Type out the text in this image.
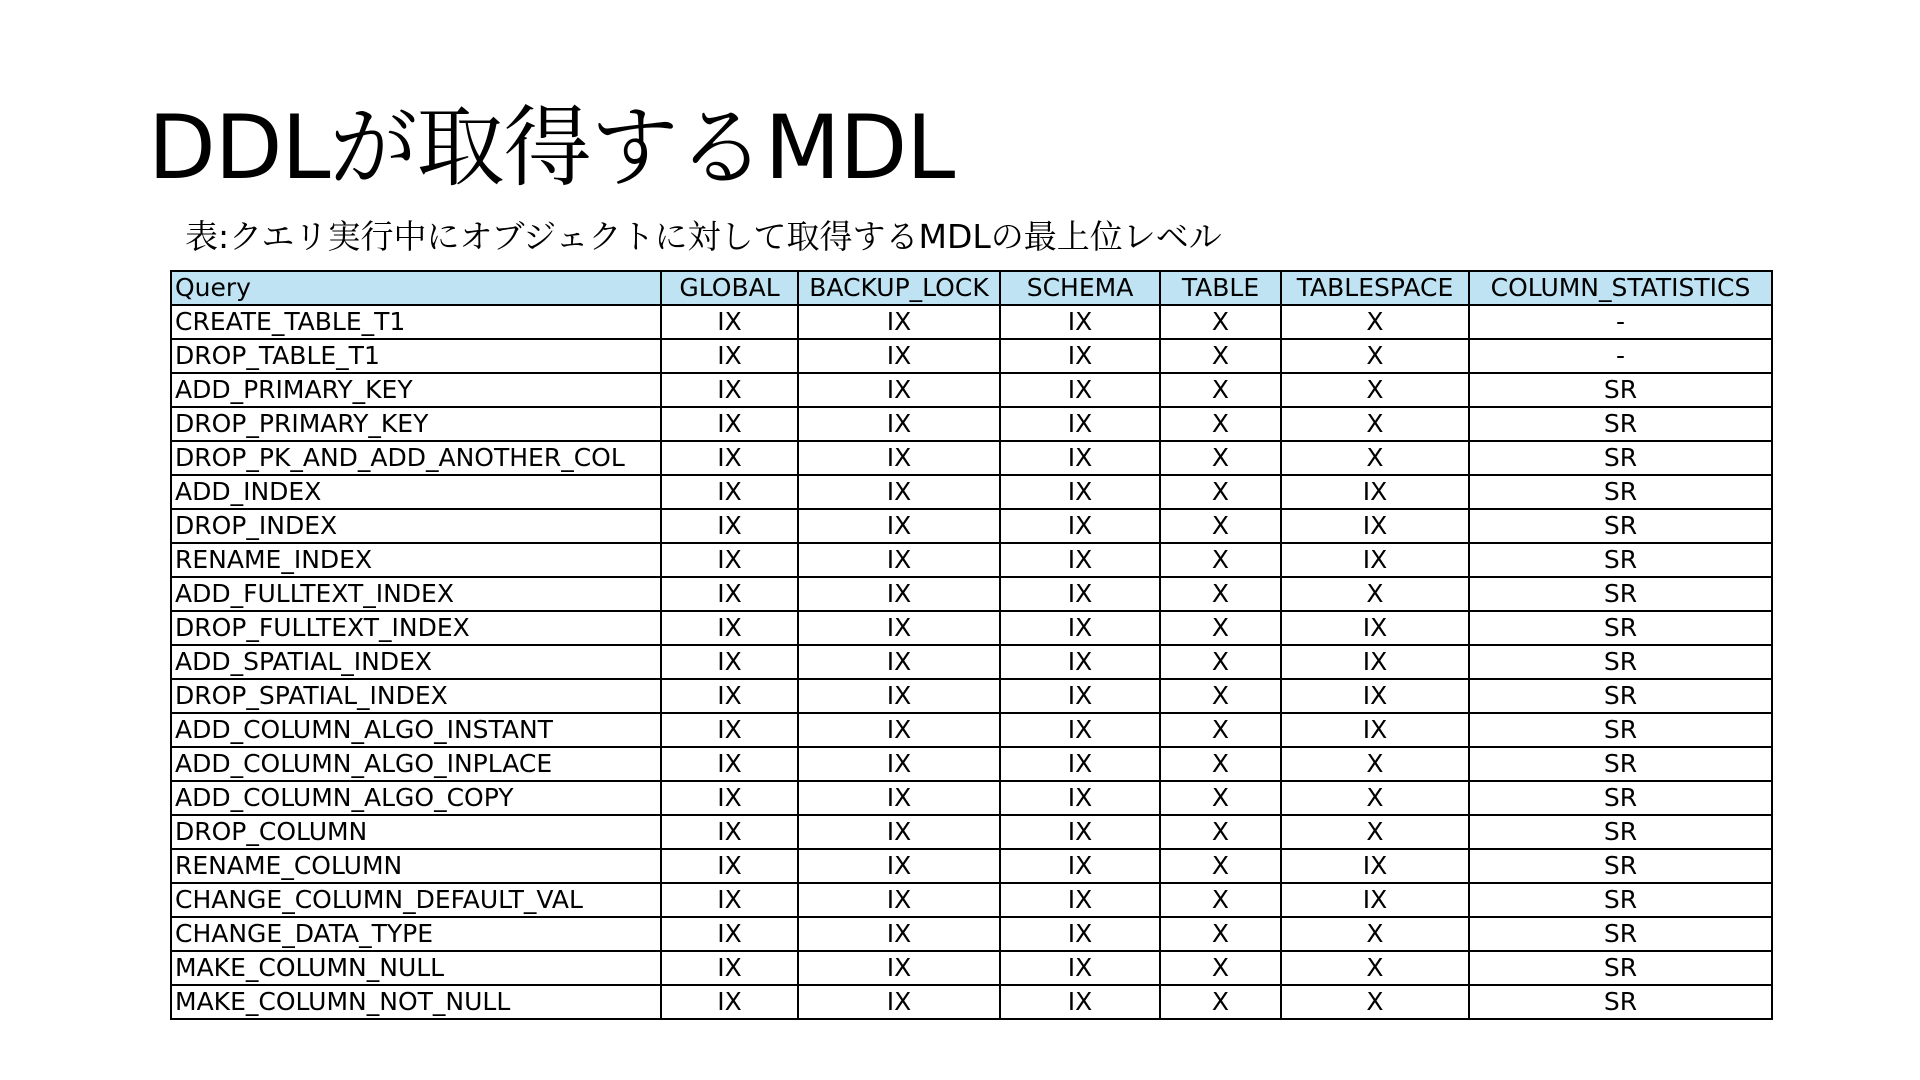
DDLが取得するMDL

表:クエリ実行中にオブジェクトに対して取得するMDLの最上位レベル

Query	GLOBAL	BACKUP_LOCK	SCHEMA	TABLE	TABLESPACE	COLUMN_STATISTICS
CREATE_TABLE_T1	IX	IX	IX	X	X	-
DROP_TABLE_T1	IX	IX	IX	X	X	-
ADD_PRIMARY_KEY	IX	IX	IX	X	X	SR
DROP_PRIMARY_KEY	IX	IX	IX	X	X	SR
DROP_PK_AND_ADD_ANOTHER_COL	IX	IX	IX	X	X	SR
ADD_INDEX	IX	IX	IX	X	IX	SR
DROP_INDEX	IX	IX	IX	X	IX	SR
RENAME_INDEX	IX	IX	IX	X	IX	SR
ADD_FULLTEXT_INDEX	IX	IX	IX	X	X	SR
DROP_FULLTEXT_INDEX	IX	IX	IX	X	IX	SR
ADD_SPATIAL_INDEX	IX	IX	IX	X	IX	SR
DROP_SPATIAL_INDEX	IX	IX	IX	X	IX	SR
ADD_COLUMN_ALGO_INSTANT	IX	IX	IX	X	IX	SR
ADD_COLUMN_ALGO_INPLACE	IX	IX	IX	X	X	SR
ADD_COLUMN_ALGO_COPY	IX	IX	IX	X	X	SR
DROP_COLUMN	IX	IX	IX	X	X	SR
RENAME_COLUMN	IX	IX	IX	X	IX	SR
CHANGE_COLUMN_DEFAULT_VAL	IX	IX	IX	X	IX	SR
CHANGE_DATA_TYPE	IX	IX	IX	X	X	SR
MAKE_COLUMN_NULL	IX	IX	IX	X	X	SR
MAKE_COLUMN_NOT_NULL	IX	IX	IX	X	X	SR
